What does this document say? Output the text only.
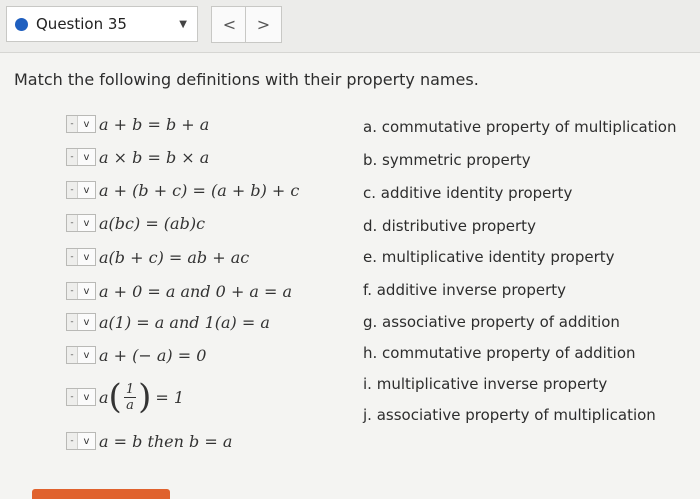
Question 35	▼ < >
Match the following definitions with their property names.
- v a + b = b + a
- v a × b = b × a
- v a + (b + c) = (a + b) + c
- v a(bc) = (ab)c
- v a(b + c) = ab + ac
- v a + 0 = a and 0 + a = a
- v a(1) = a and 1(a) = a
- v a + (− a) = 0
- v a ( $\frac{1}{a}$ ) = 1
- v a = b then b = a
a. commutative property of multiplication
b. symmetric property
c. additive identity property
d. distributive property
e. multiplicative identity property
f. additive inverse property
g. associative property of addition
h. commutative property of addition
i. multiplicative inverse property
j. associative property of multiplication
